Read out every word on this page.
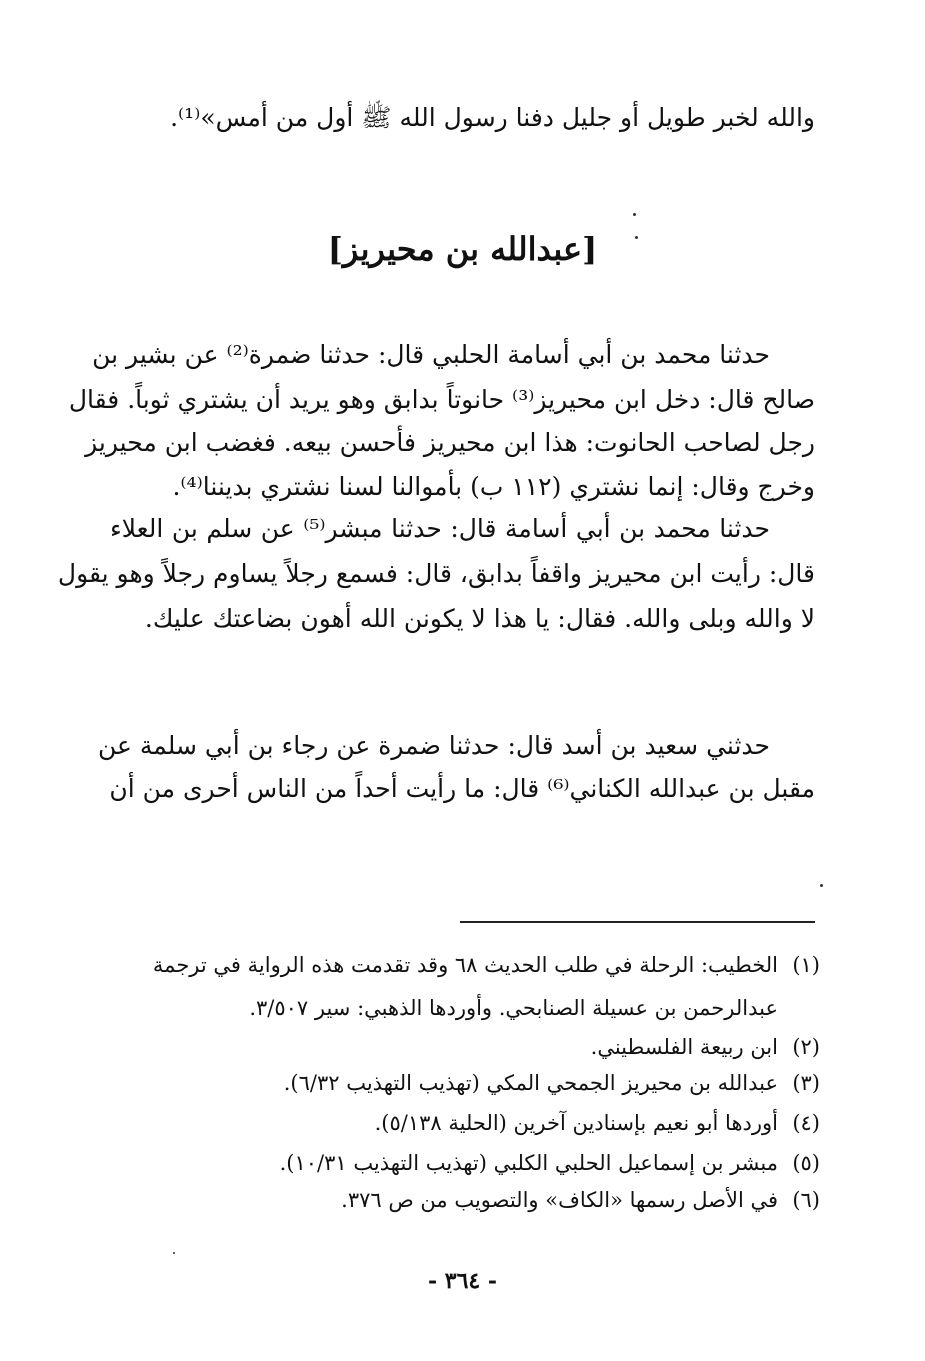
والله لخبر طويل أو جليل دفنا رسول الله ﷺ أول من أمس»⁽¹⁾.
[عبدالله بن محيريز]
حدثنا محمد بن أبي أسامة الحلبي قال: حدثنا ضمرة⁽²⁾ عن بشير بن
صالح قال: دخل ابن محيريز⁽³⁾ حانوتاً بدابق وهو يريد أن يشتري ثوباً. فقال
رجل لصاحب الحانوت: هذا ابن محيريز فأحسن بيعه. فغضب ابن محيريز
وخرج وقال: إنما نشتري (١١٢ ب) بأموالنا لسنا نشتري بديننا⁽⁴⁾.
حدثنا محمد بن أبي أسامة قال: حدثنا مبشر⁽⁵⁾ عن سلم بن العلاء
قال: رأيت ابن محيريز واقفاً بدابق، قال: فسمع رجلاً يساوم رجلاً وهو يقول
لا والله وبلى والله. فقال: يا هذا لا يكونن الله أهون بضاعتك عليك.
حدثني سعيد بن أسد قال: حدثنا ضمرة عن رجاء بن أبي سلمة عن
مقبل بن عبدالله الكناني⁽⁶⁾ قال: ما رأيت أحداً من الناس أحرى من أن
(١)الخطيب: الرحلة في طلب الحديث ٦٨ وقد تقدمت هذه الرواية في ترجمة
عبدالرحمن بن عسيلة الصنابحي. وأوردها الذهبي: سير ٣/٥٠٧.
(٢)ابن ربيعة الفلسطيني.
(٣)عبدالله بن محيريز الجمحي المكي (تهذيب التهذيب ٦/٣٢).
(٤)أوردها أبو نعيم بإسنادين آخرين (الحلية ٥/١٣٨).
(٥)مبشر بن إسماعيل الحلبي الكلبي (تهذيب التهذيب ١٠/٣١).
(٦)في الأصل رسمها «الكاف» والتصويب من ص ٣٧٦.
- ٣٦٤ -
